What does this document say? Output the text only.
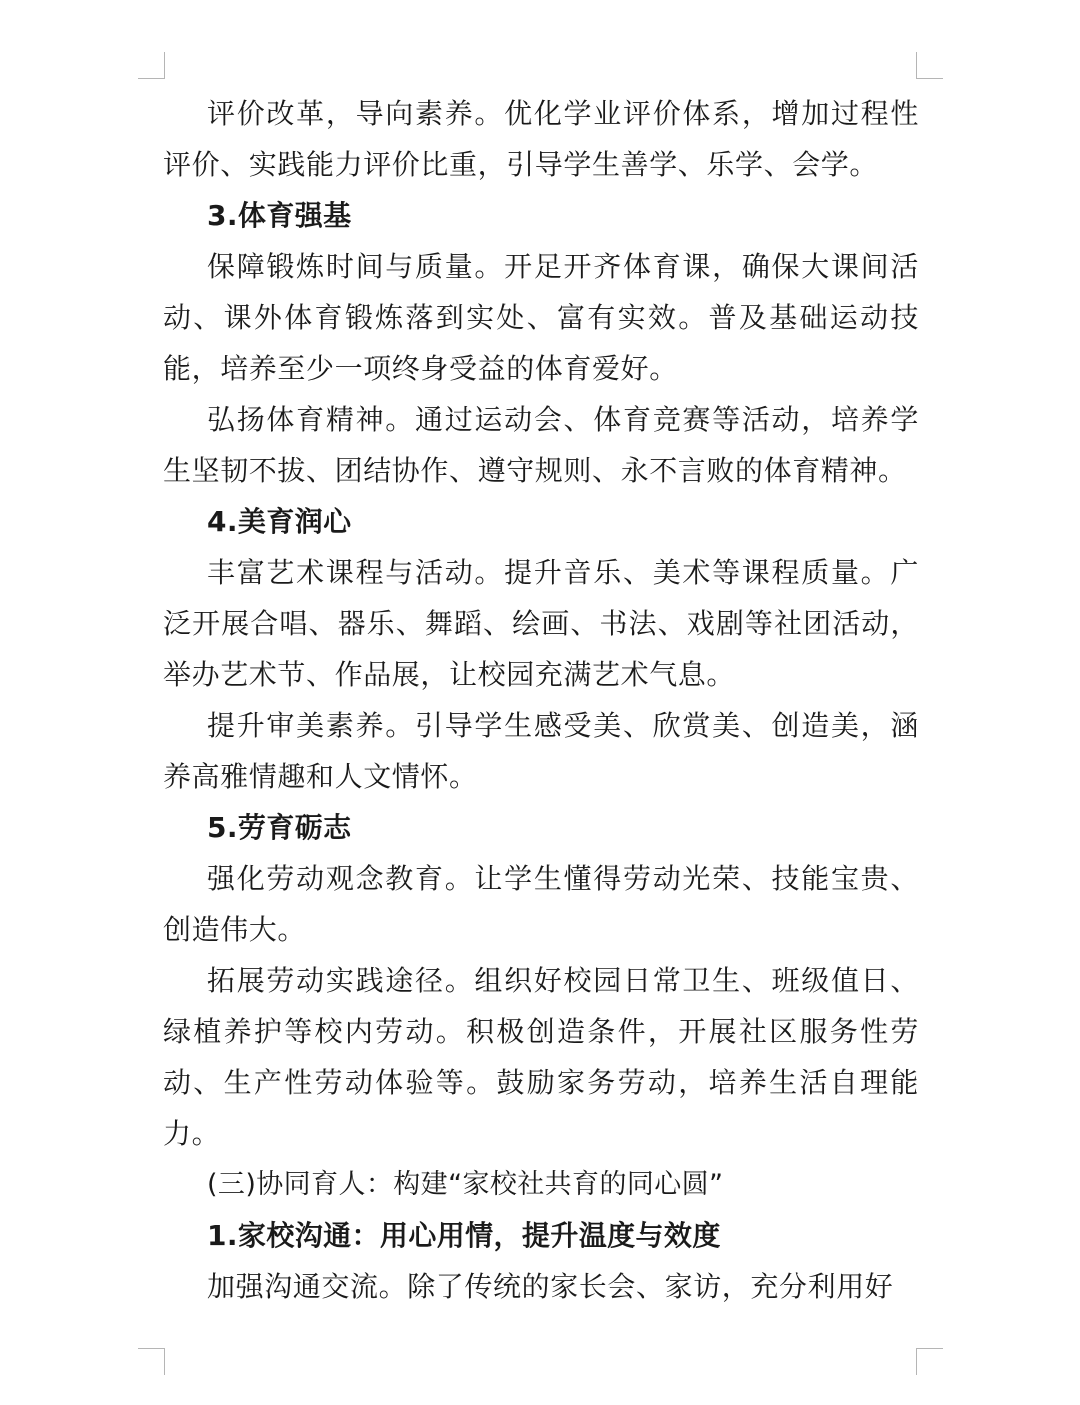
评价改革，导向素养。优化学业评价体系，增加过程性评价、实践能力评价比重，引导学生善学、乐学、会学。

3.体育强基

保障锻炼时间与质量。开足开齐体育课，确保大课间活动、课外体育锻炼落到实处、富有实效。普及基础运动技能，培养至少一项终身受益的体育爱好。

弘扬体育精神。通过运动会、体育竞赛等活动，培养学生坚韧不拔、团结协作、遵守规则、永不言败的体育精神。

4.美育润心

丰富艺术课程与活动。提升音乐、美术等课程质量。广泛开展合唱、器乐、舞蹈、绘画、书法、戏剧等社团活动，举办艺术节、作品展，让校园充满艺术气息。

提升审美素养。引导学生感受美、欣赏美、创造美，涵养高雅情趣和人文情怀。

5.劳育砺志

强化劳动观念教育。让学生懂得劳动光荣、技能宝贵、创造伟大。

拓展劳动实践途径。组织好校园日常卫生、班级值日、绿植养护等校内劳动。积极创造条件，开展社区服务性劳动、生产性劳动体验等。鼓励家务劳动，培养生活自理能力。

(三)协同育人：构建“家校社共育的同心圆”

1.家校沟通：用心用情，提升温度与效度

加强沟通交流。除了传统的家长会、家访，充分利用好
